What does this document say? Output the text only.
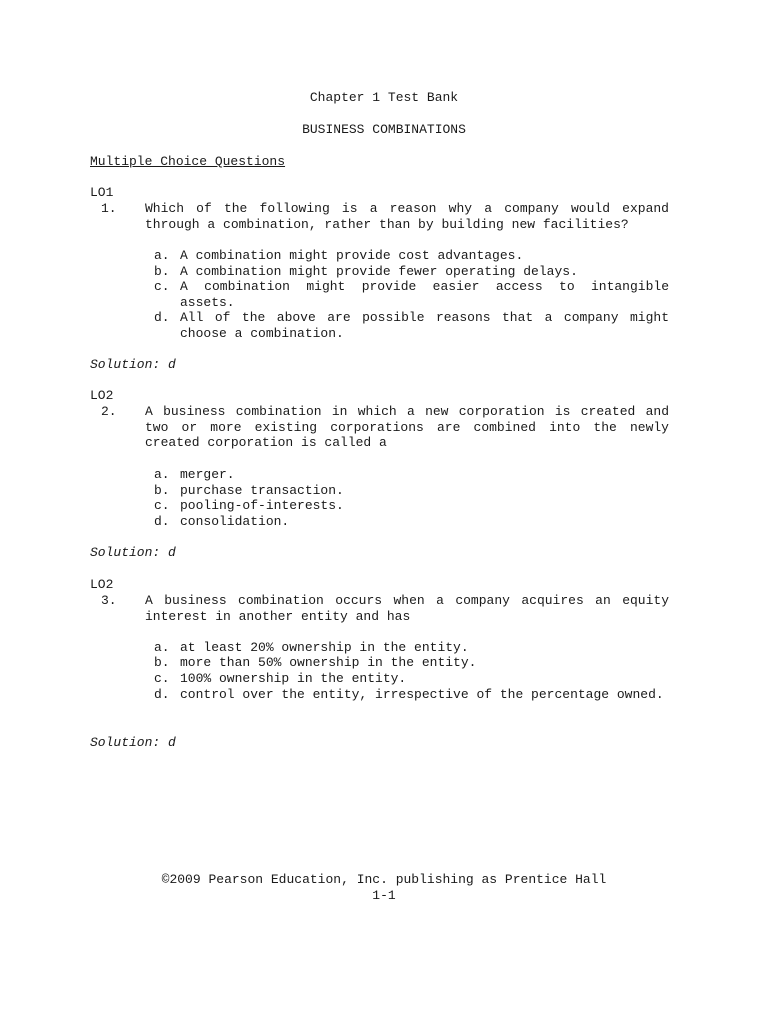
Chapter 1 Test Bank
BUSINESS COMBINATIONS
Multiple Choice Questions
LO1
1. Which of the following is a reason why a company would expand through a combination, rather than by building new facilities?
a. A combination might provide cost advantages.
b. A combination might provide fewer operating delays.
c. A combination might provide easier access to intangible assets.
d. All of the above are possible reasons that a company might choose a combination.
Solution: d
LO2
2. A business combination in which a new corporation is created and two or more existing corporations are combined into the newly created corporation is called a
a. merger.
b. purchase transaction.
c. pooling-of-interests.
d. consolidation.
Solution: d
LO2
3. A business combination occurs when a company acquires an equity interest in another entity and has
a. at least 20% ownership in the entity.
b. more than 50% ownership in the entity.
c. 100% ownership in the entity.
d. control over the entity, irrespective of the percentage owned.
Solution: d
©2009 Pearson Education, Inc. publishing as Prentice Hall
1-1
